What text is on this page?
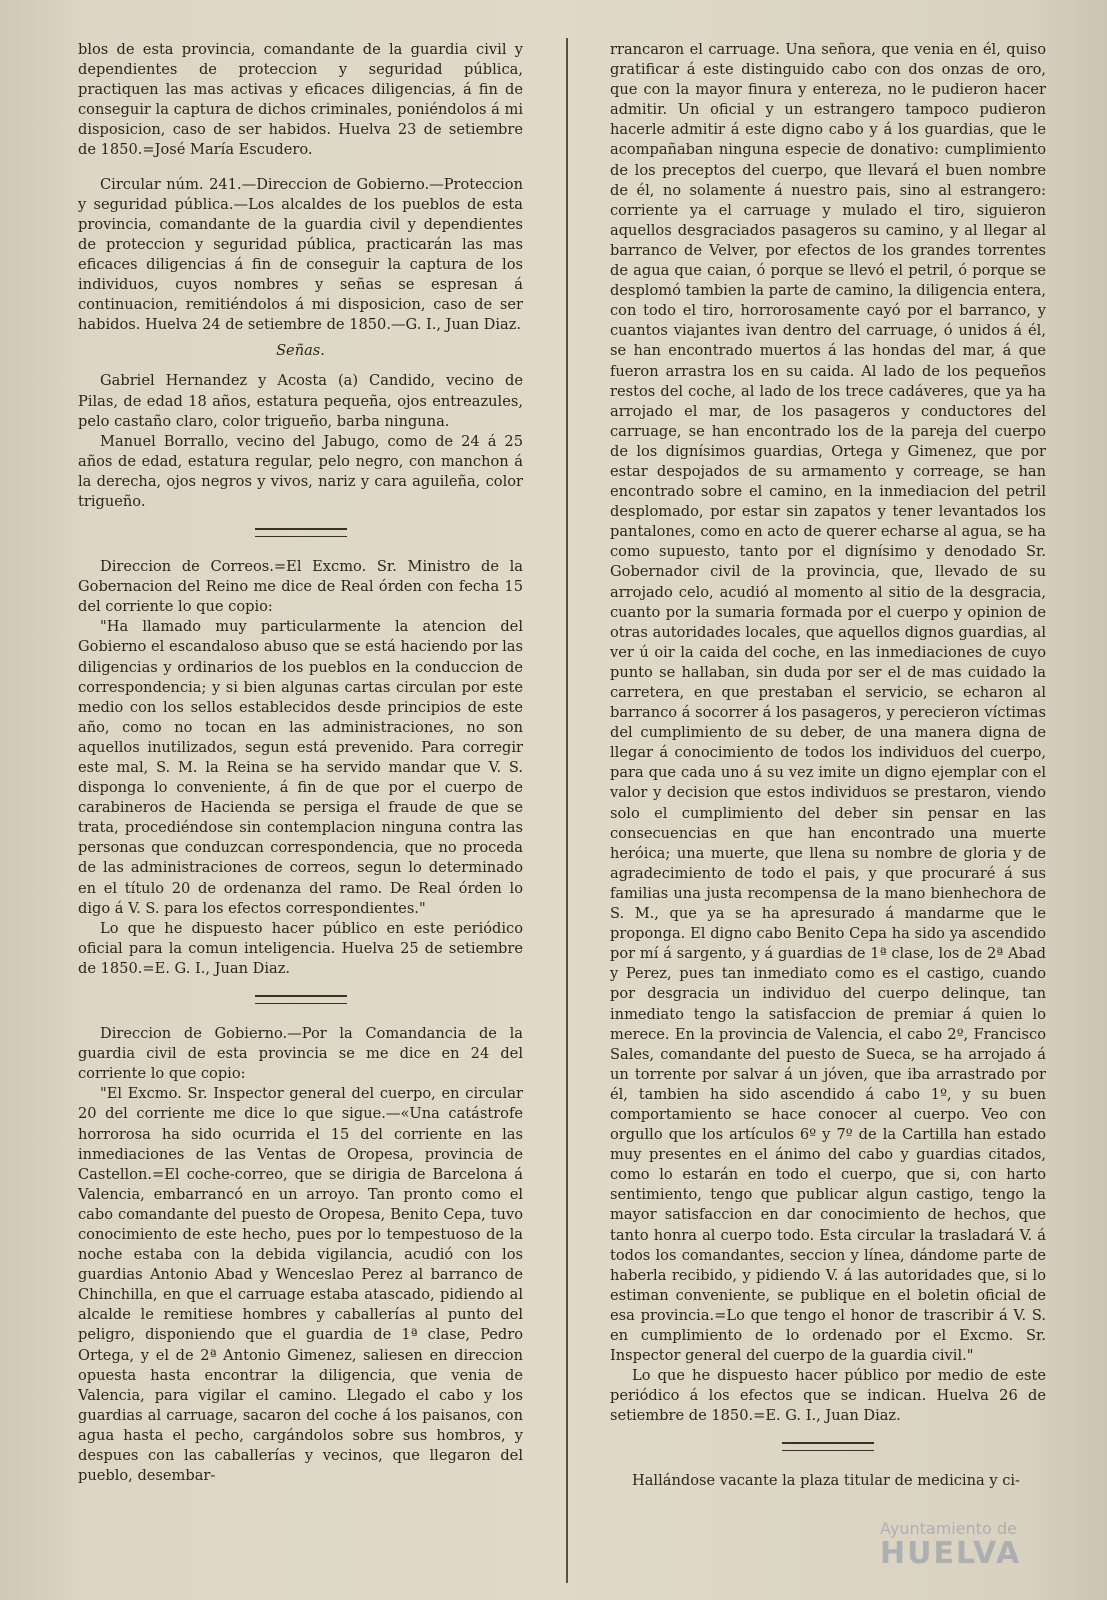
blos de esta provincia, comandante de la guardia civil y dependientes de proteccion y seguridad pública, practiquen las mas activas y eficaces diligencias, á fin de conseguir la captura de dichos criminales, poniéndolos á mi disposicion, caso de ser habidos. Huelva 23 de setiembre de 1850.=José María Escudero.

Circular núm. 241.—Direccion de Gobierno.—Proteccion y seguridad pública.—Los alcaldes de los pueblos de esta provincia, comandante de la guardia civil y dependientes de proteccion y seguridad pública, practicarán las mas eficaces diligencias á fin de conseguir la captura de los individuos, cuyos nombres y señas se espresan á continuacion, remitiéndolos á mi disposicion, caso de ser habidos. Huelva 24 de setiembre de 1850.—G. I., Juan Diaz.

Señas.

Gabriel Hernandez y Acosta (a) Candido, vecino de Pilas, de edad 18 años, estatura pequeña, ojos entreazules, pelo castaño claro, color trigueño, barba ninguna.

Manuel Borrallo, vecino del Jabugo, como de 24 á 25 años de edad, estatura regular, pelo negro, con manchon á la derecha, ojos negros y vivos, nariz y cara aguileña, color trigueño.

Direccion de Correos.=El Excmo. Sr. Ministro de la Gobernacion del Reino me dice de Real órden con fecha 15 del corriente lo que copio:

"Ha llamado muy particularmente la atencion del Gobierno el escandaloso abuso que se está haciendo por las diligencias y ordinarios de los pueblos en la conduccion de correspondencia; y si bien algunas cartas circulan por este medio con los sellos establecidos desde principios de este año, como no tocan en las administraciones, no son aquellos inutilizados, segun está prevenido. Para corregir este mal, S. M. la Reina se ha servido mandar que V. S. disponga lo conveniente, á fin de que por el cuerpo de carabineros de Hacienda se persiga el fraude de que se trata, procediéndose sin contemplacion ninguna contra las personas que conduzcan correspondencia, que no proceda de las administraciones de correos, segun lo determinado en el título 20 de ordenanza del ramo. De Real órden lo digo á V. S. para los efectos correspondientes."

Lo que he dispuesto hacer público en este periódico oficial para la comun inteligencia. Huelva 25 de setiembre de 1850.=E. G. I., Juan Diaz.

Direccion de Gobierno.—Por la Comandancia de la guardia civil de esta provincia se me dice en 24 del corriente lo que copio:

"El Excmo. Sr. Inspector general del cuerpo, en circular 20 del corriente me dice lo que sigue.—«Una catástrofe horrorosa ha sido ocurrida el 15 del corriente en las inmediaciones de las Ventas de Oropesa, provincia de Castellon.=El coche-correo, que se dirigia de Barcelona á Valencia, embarrancó en un arroyo. Tan pronto como el cabo comandante del puesto de Oropesa, Benito Cepa, tuvo conocimiento de este hecho, pues por lo tempestuoso de la noche estaba con la debida vigilancia, acudió con los guardias Antonio Abad y Wenceslao Perez al barranco de Chinchilla, en que el carruage estaba atascado, pidiendo al alcalde le remitiese hombres y caballerías al punto del peligro, disponiendo que el guardia de 1ª clase, Pedro Ortega, y el de 2ª Antonio Gimenez, saliesen en direccion opuesta hasta encontrar la diligencia, que venia de Valencia, para vigilar el camino. Llegado el cabo y los guardias al carruage, sacaron del coche á los paisanos, con agua hasta el pecho, cargándolos sobre sus hombros, y despues con las caballerías y vecinos, que llegaron del pueblo, desembar-

rrancaron el carruage. Una señora, que venia en él, quiso gratificar á este distinguido cabo con dos onzas de oro, que con la mayor finura y entereza, no le pudieron hacer admitir. Un oficial y un estrangero tampoco pudieron hacerle admitir á este digno cabo y á los guardias, que le acompañaban ninguna especie de donativo: cumplimiento de los preceptos del cuerpo, que llevará el buen nombre de él, no solamente á nuestro pais, sino al estrangero: corriente ya el carruage y mulado el tiro, siguieron aquellos desgraciados pasageros su camino, y al llegar al barranco de Velver, por efectos de los grandes torrentes de agua que caian, ó porque se llevó el petril, ó porque se desplomó tambien la parte de camino, la diligencia entera, con todo el tiro, horrorosamente cayó por el barranco, y cuantos viajantes ivan dentro del carruage, ó unidos á él, se han encontrado muertos á las hondas del mar, á que fueron arrastra los en su caida. Al lado de los pequeños restos del coche, al lado de los trece cadáveres, que ya ha arrojado el mar, de los pasageros y conductores del carruage, se han encontrado los de la pareja del cuerpo de los dignísimos guardias, Ortega y Gimenez, que por estar despojados de su armamento y correage, se han encontrado sobre el camino, en la inmediacion del petril desplomado, por estar sin zapatos y tener levantados los pantalones, como en acto de querer echarse al agua, se ha como supuesto, tanto por el dignísimo y denodado Sr. Gobernador civil de la provincia, que, llevado de su arrojado celo, acudió al momento al sitio de la desgracia, cuanto por la sumaria formada por el cuerpo y opinion de otras autoridades locales, que aquellos dignos guardias, al ver ú oir la caida del coche, en las inmediaciones de cuyo punto se hallaban, sin duda por ser el de mas cuidado la carretera, en que prestaban el servicio, se echaron al barranco á socorrer á los pasageros, y perecieron víctimas del cumplimiento de su deber, de una manera digna de llegar á conocimiento de todos los individuos del cuerpo, para que cada uno á su vez imite un digno ejemplar con el valor y decision que estos individuos se prestaron, viendo solo el cumplimiento del deber sin pensar en las consecuencias en que han encontrado una muerte heróica; una muerte, que llena su nombre de gloria y de agradecimiento de todo el pais, y que procuraré á sus familias una justa recompensa de la mano bienhechora de S. M., que ya se ha apresurado á mandarme que le proponga. El digno cabo Benito Cepa ha sido ya ascendido por mí á sargento, y á guardias de 1ª clase, los de 2ª Abad y Perez, pues tan inmediato como es el castigo, cuando por desgracia un individuo del cuerpo delinque, tan inmediato tengo la satisfaccion de premiar á quien lo merece. En la provincia de Valencia, el cabo 2º, Francisco Sales, comandante del puesto de Sueca, se ha arrojado á un torrente por salvar á un jóven, que iba arrastrado por él, tambien ha sido ascendido á cabo 1º, y su buen comportamiento se hace conocer al cuerpo. Veo con orgullo que los artículos 6º y 7º de la Cartilla han estado muy presentes en el ánimo del cabo y guardias citados, como lo estarán en todo el cuerpo, que si, con harto sentimiento, tengo que publicar algun castigo, tengo la mayor satisfaccion en dar conocimiento de hechos, que tanto honra al cuerpo todo. Esta circular la trasladará V. á todos los comandantes, seccion y línea, dándome parte de haberla recibido, y pidiendo V. á las autoridades que, si lo estiman conveniente, se publique en el boletin oficial de esa provincia.=Lo que tengo el honor de trascribir á V. S. en cumplimiento de lo ordenado por el Excmo. Sr. Inspector general del cuerpo de la guardia civil."

Lo que he dispuesto hacer público por medio de este periódico á los efectos que se indican. Huelva 26 de setiembre de 1850.=E. G. I., Juan Diaz.

Hallándose vacante la plaza titular de medicina y ci-

Ayuntamiento de
HUELVA
